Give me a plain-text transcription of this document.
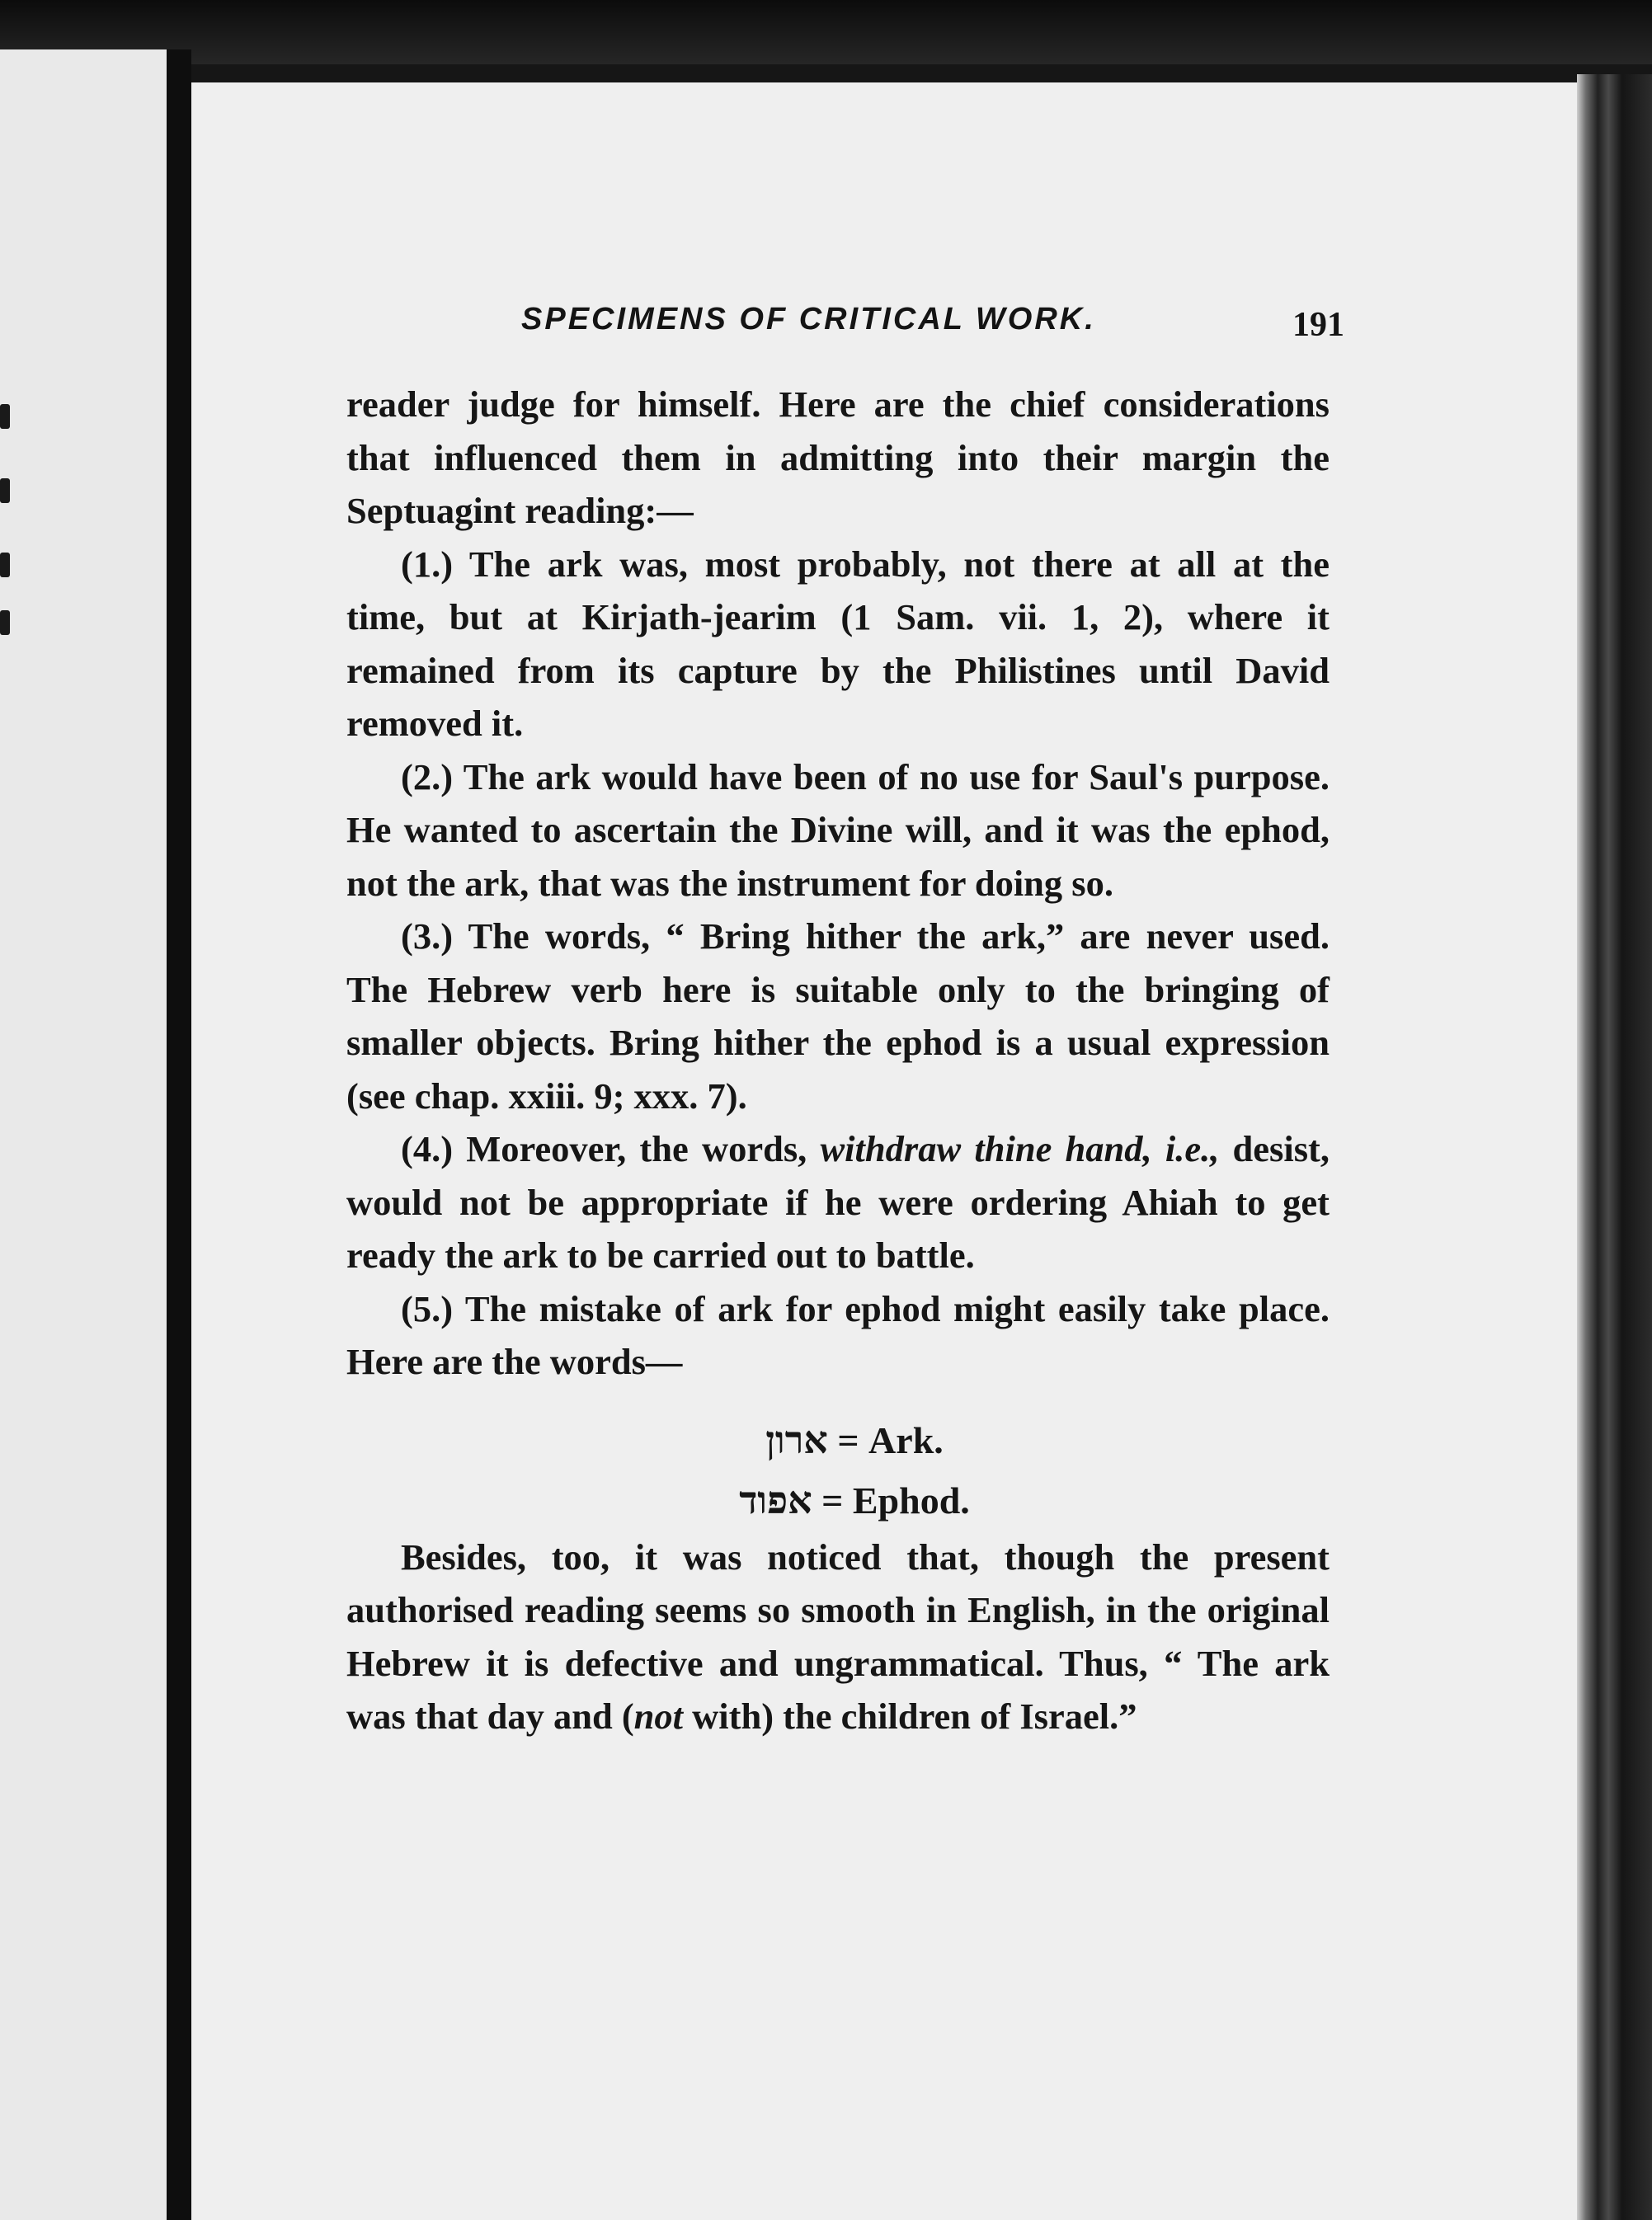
SPECIMENS OF CRITICAL WORK.	191

reader judge for himself. Here are the chief considerations that influenced them in admitting into their margin the Septuagint reading:—

(1.) The ark was, most probably, not there at all at the time, but at Kirjath-jearim (1 Sam. vii. 1, 2), where it remained from its capture by the Philistines until David removed it.

(2.) The ark would have been of no use for Saul's purpose. He wanted to ascertain the Divine will, and it was the ephod, not the ark, that was the instrument for doing so.

(3.) The words, “ Bring hither the ark,” are never used. The Hebrew verb here is suitable only to the bringing of smaller objects. Bring hither the ephod is a usual expression (see chap. xxiii. 9; xxx. 7).

(4.) Moreover, the words, withdraw thine hand, i.e., desist, would not be appropriate if he were ordering Ahiah to get ready the ark to be carried out to battle.

(5.) The mistake of ark for ephod might easily take place. Here are the words—

ארון = Ark.
אפוד = Ephod.

Besides, too, it was noticed that, though the present authorised reading seems so smooth in English, in the original Hebrew it is defective and ungrammatical. Thus, “ The ark was that day and (not with) the children of Israel.”
